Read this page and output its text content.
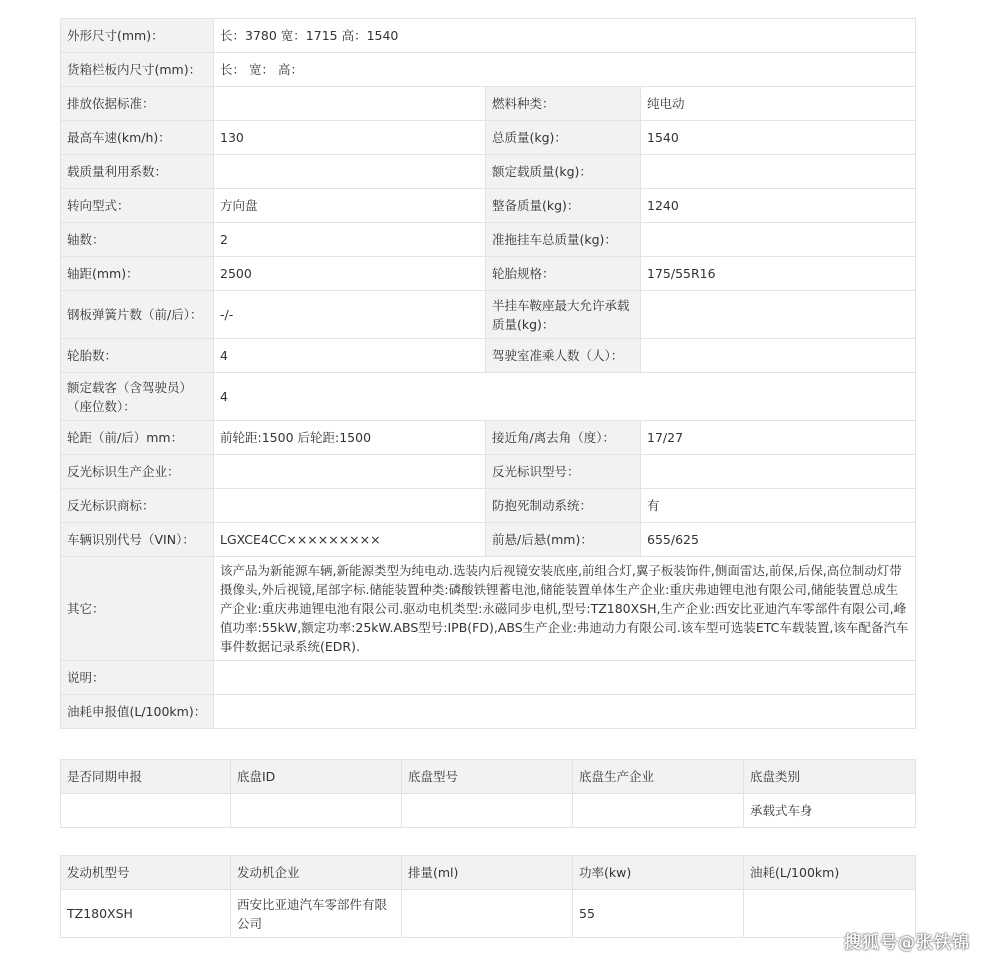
外形尺寸(mm)：	长：3780 宽：1715 高：1540		
货箱栏板内尺寸(mm)：	长： 宽： 高：		
排放依据标准：		燃料种类：	纯电动
最高车速(km/h)：	130	总质量(kg)：	1540
载质量利用系数：		额定载质量(kg)：	
转向型式：	方向盘	整备质量(kg)：	1240
轴数：	2	准拖挂车总质量(kg)：	
轴距(mm)：	2500	轮胎规格：	175/55R16
钢板弹簧片数（前/后）：	-/-	半挂车鞍座最大允许承载质量(kg)：	
轮胎数：	4	驾驶室准乘人数（人）：	
额定载客（含驾驶员）（座位数）：	4		
轮距（前/后）mm：	前轮距:1500 后轮距:1500	接近角/离去角（度）：	17/27
反光标识生产企业：		反光标识型号：	
反光标识商标：		防抱死制动系统：	有
车辆识别代号（VIN）：	LGXCE4CC×××××××××	前悬/后悬(mm)：	655/625
其它：	该产品为新能源车辆,新能源类型为纯电动.选装内后视镜安装底座,前组合灯,翼子板装饰件,侧面雷达,前保,后保,高位制动灯带摄像头,外后视镜,尾部字标.储能装置种类:磷酸铁锂蓄电池,储能装置单体生产企业:重庆弗迪锂电池有限公司,储能装置总成生产企业:重庆弗迪锂电池有限公司.驱动电机类型:永磁同步电机,型号:TZ180XSH,生产企业:西安比亚迪汽车零部件有限公司,峰值功率:55kW,额定功率:25kW.ABS型号:IPB(FD),ABS生产企业:弗迪动力有限公司.该车型可选装ETC车载装置,该车配备汽车事件数据记录系统(EDR).		
说明：			
油耗申报值(L/100km)：			
是否同期申报	底盘ID	底盘型号	底盘生产企业	底盘类别
				承载式车身
发动机型号	发动机企业	排量(ml)	功率(kw)	油耗(L/100km)
TZ180XSH	西安比亚迪汽车零部件有限公司		55	
搜狐号@张铁锦
